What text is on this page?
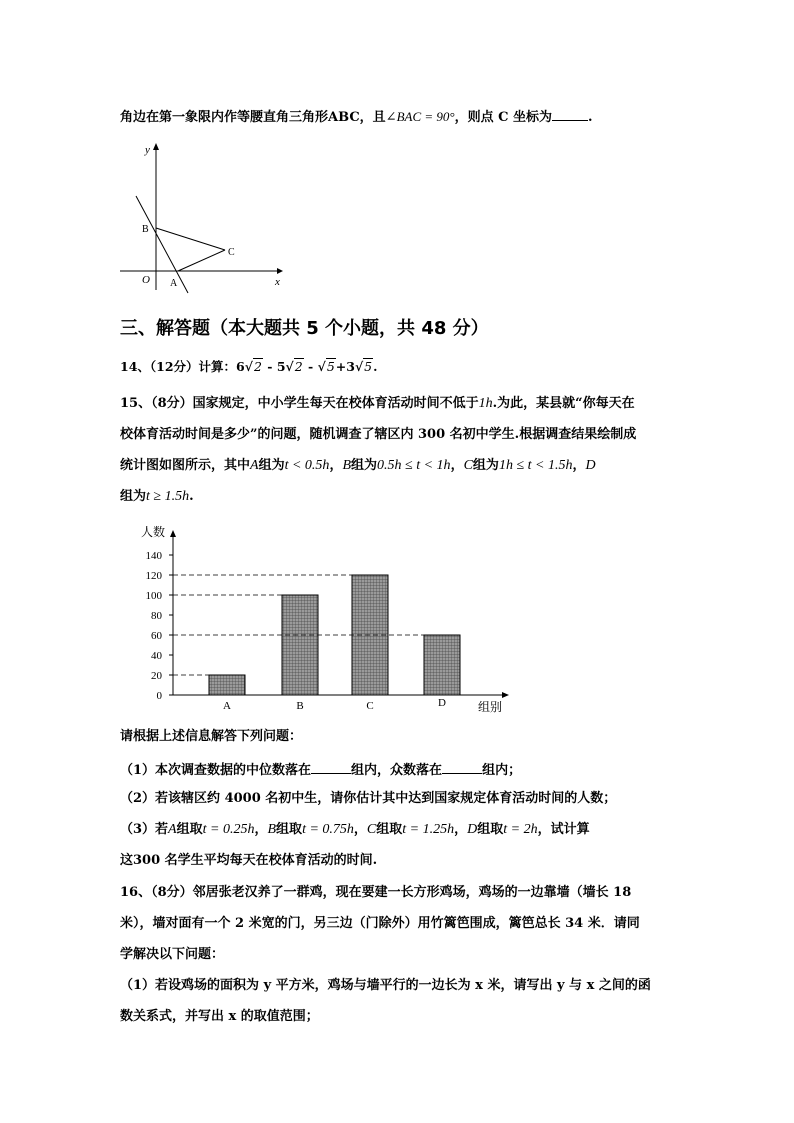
角边在第一象限内作等腰直角三角形ABC，且∠BAC = 90°，则点 C 坐标为	.
y
x
O
B
C
A
三、解答题（本大题共 5 个小题，共 48 分）
14、（12分）计算：6√2 - 5√2 - √5+3√5.
15、（8分）国家规定，中小学生每天在校体育活动时间不低于1h.为此，某县就“你每天在
校体育活动时间是多少”的问题，随机调查了辖区内 300 名初中学生.根据调查结果绘制成
统计图如图所示，其中A组为t < 0.5h，B组为0.5h ≤ t < 1h，C组为1h ≤ t < 1.5h，D
组为t ≥ 1.5h.
人数
组别
140
120
100
80
60
40
20
0
A	B	C	D
请根据上述信息解答下列问题：
（1）本次调查数据的中位数落在	组内，众数落在	组内；
（2）若该辖区约 4000 名初中生，请你估计其中达到国家规定体育活动时间的人数；
（3）若A组取t = 0.25h，B组取t = 0.75h，C组取t = 1.25h，D组取t = 2h，试计算
这300 名学生平均每天在校体育活动的时间.
16、（8分）邻居张老汉养了一群鸡，现在要建一长方形鸡场，鸡场的一边靠墙（墙长 18
米），墙对面有一个 2 米宽的门，另三边（门除外）用竹篱笆围成，篱笆总长 34 米．请同
学解决以下问题：
（1）若设鸡场的面积为 y 平方米，鸡场与墙平行的一边长为 x 米，请写出 y 与 x 之间的函
数关系式，并写出 x 的取值范围；
